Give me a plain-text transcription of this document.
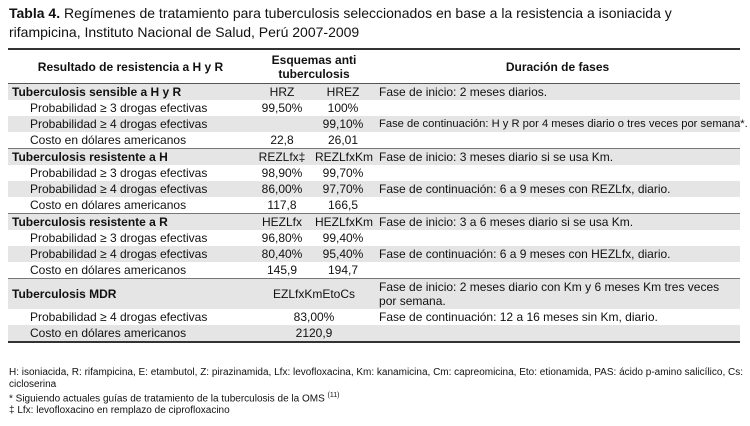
Tabla 4. Regímenes de tratamiento para tuberculosis seleccionados en base a la resistencia a isoniacida y rifampicina, Instituto Nacional de Salud, Perú 2007-2009
Resultado de resistencia a H y R	Esquemas anti tuberculosis		Duración de fases
Tuberculosis sensible a H y R	HRZ	HREZ	Fase de inicio: 2 meses diarios.
Probabilidad ≥ 3 drogas efectivas	99,50%	100%	
Probabilidad ≥ 4 drogas efectivas		99,10%	Fase de continuación: H y R por 4 meses diario o tres veces por semana*.
Costo en dólares americanos	22,8	26,01	
Tuberculosis resistente a H	REZLfx‡	REZLfxKm	Fase de inicio: 3 meses diario si se usa Km.
Probabilidad ≥ 3 drogas efectivas	98,90%	99,70%	
Probabilidad ≥ 4 drogas efectivas	86,00%	97,70%	Fase de continuación: 6 a 9 meses con REZLfx, diario.
Costo en dólares americanos	117,8	166,5	
Tuberculosis resistente a R	HEZLfx	HEZLfxKm	Fase de inicio: 3 a 6 meses diario si se usa Km.
Probabilidad ≥ 3 drogas efectivas	96,80%	99,40%	
Probabilidad ≥ 4 drogas efectivas	80,40%	95,40%	Fase de continuación: 6 a 9 meses con HEZLfx, diario.
Costo en dólares americanos	145,9	194,7	
Tuberculosis MDR	EZLfxKmEtoCs		Fase de inicio: 2 meses diario con Km y 6 meses Km tres veces por semana.
Probabilidad ≥ 4 drogas efectivas	83,00%		Fase de continuación: 12 a 16 meses sin Km, diario.
Costo en dólares americanos	2120,9		
H: isoniacida, R: rifampicina, E: etambutol, Z: pirazinamida, Lfx: levofloxacina, Km: kanamicina, Cm: capreomicina, Eto: etionamida, PAS: ácido p-amino salicílico, Cs: cicloserina
* Siguiendo actuales guías de tratamiento de la tuberculosis de la OMS $^{(11)}$
‡ Lfx: levofloxacino en remplazo de ciprofloxacino
